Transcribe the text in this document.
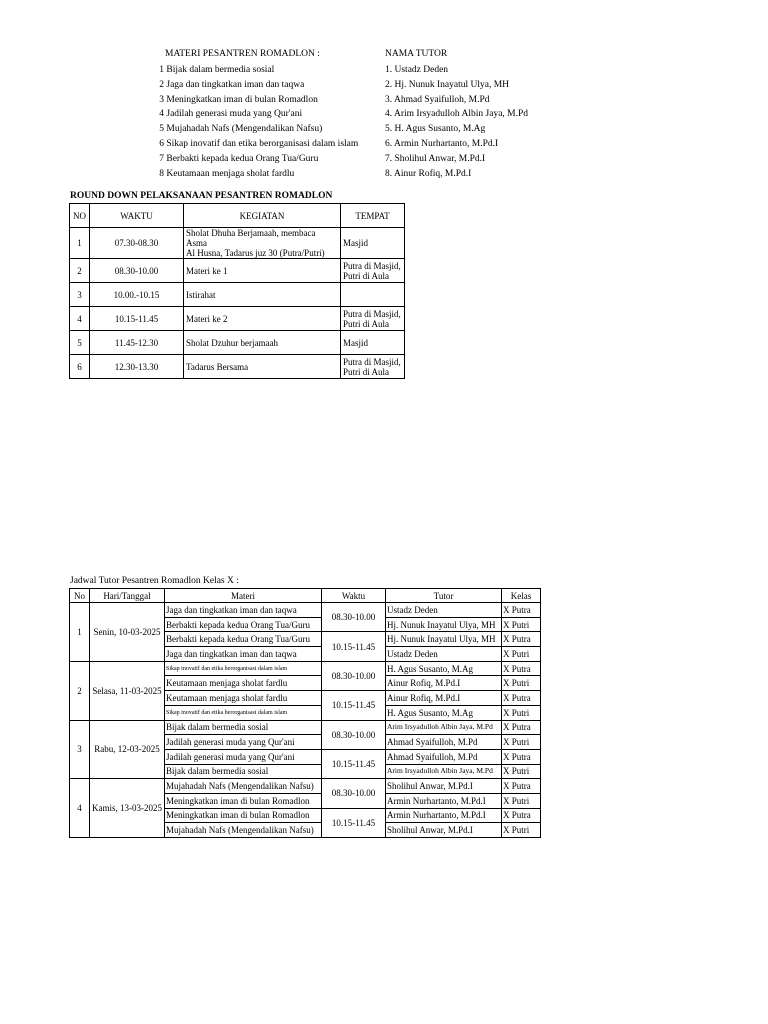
MATERI PESANTREN ROMADLON :
1 Bijak dalam bermedia sosial
2 Jaga dan tingkatkan iman dan taqwa
3 Meningkatkan iman di bulan Romadlon
4 Jadilah generasi muda yang Qur'ani
5 Mujahadah Nafs (Mengendalikan Nafsu)
6 Sikap inovatif dan etika berorganisasi dalam islam
7 Berbakti kepada kedua Orang Tua/Guru
8 Keutamaan menjaga sholat fardlu
NAMA TUTOR
1. Ustadz Deden
2. Hj. Nunuk Inayatul Ulya, MH
3. Ahmad Syaifulloh, M.Pd
4. Arim Irsyadulloh Albin Jaya, M.Pd
5. H. Agus Susanto, M.Ag
6. Armin Nurhartanto, M.Pd.I
7. Sholihul Anwar, M.Pd.I
8. Ainur Rofiq, M.Pd.I
ROUND DOWN PELAKSANAAN PESANTREN ROMADLON
NO	WAKTU	KEGIATAN	TEMPAT
1	07.30-08.30	Sholat Dhuha Berjamaah, membaca Asma
Al Husna, Tadarus juz 30 (Putra/Putri)	Masjid
2	08.30-10.00	Materi ke 1	Putra di Masjid,
Putri di Aula
3	10.00.-10.15	Istirahat	
4	10.15-11.45	Materi ke 2	Putra di Masjid,
Putri di Aula
5	11.45-12.30	Sholat Dzuhur berjamaah	Masjid
6	12.30-13.30	Tadarus Bersama	Putra di Masjid,
Putri di Aula
Jadwal Tutor Pesantren Romadlon Kelas X :
No	Hari/Tanggal	Materi	Waktu	Tutor	Kelas
1	Senin, 10-03-2025	Jaga dan tingkatkan iman dan taqwa	08.30-10.00	Ustadz Deden	X Putra
		Berbakti kepada kedua Orang Tua/Guru		Hj. Nunuk Inayatul Ulya, MH	X Putri
		Berbakti kepada kedua Orang Tua/Guru	10.15-11.45	Hj. Nunuk Inayatul Ulya, MH	X Putra
		Jaga dan tingkatkan iman dan taqwa		Ustadz Deden	X Putri
2	Selasa, 11-03-2025	Sikap inovatif dan etika berorganisasi dalam islam	08.30-10.00	H. Agus Susanto, M.Ag	X Putra
		Keutamaan menjaga sholat fardlu		Ainur Rofiq, M.Pd.I	X Putri
		Keutamaan menjaga sholat fardlu	10.15-11.45	Ainur Rofiq, M.Pd.I	X Putra
		Sikap inovatif dan etika berorganisasi dalam islam		H. Agus Susanto, M.Ag	X Putri
3	Rabu, 12-03-2025	Bijak dalam bermedia sosial	08.30-10.00	Arim Irsyadulloh Albin Jaya, M.Pd	X Putra
		Jadilah generasi muda yang Qur'ani		Ahmad Syaifulloh, M.Pd	X Putri
		Jadilah generasi muda yang Qur'ani	10.15-11.45	Ahmad Syaifulloh, M.Pd	X Putra
		Bijak dalam bermedia sosial		Arim Irsyadulloh Albin Jaya, M.Pd	X Putri
4	Kamis, 13-03-2025	Mujahadah Nafs (Mengendalikan Nafsu)	08.30-10.00	Sholihul Anwar, M.Pd.I	X Putra
		Meningkatkan iman di bulan Romadlon		Armin Nurhartanto, M.Pd.I	X Putri
		Meningkatkan iman di bulan Romadlon	10.15-11.45	Armin Nurhartanto, M.Pd.I	X Putra
		Mujahadah Nafs (Mengendalikan Nafsu)		Sholihul Anwar, M.Pd.I	X Putri
